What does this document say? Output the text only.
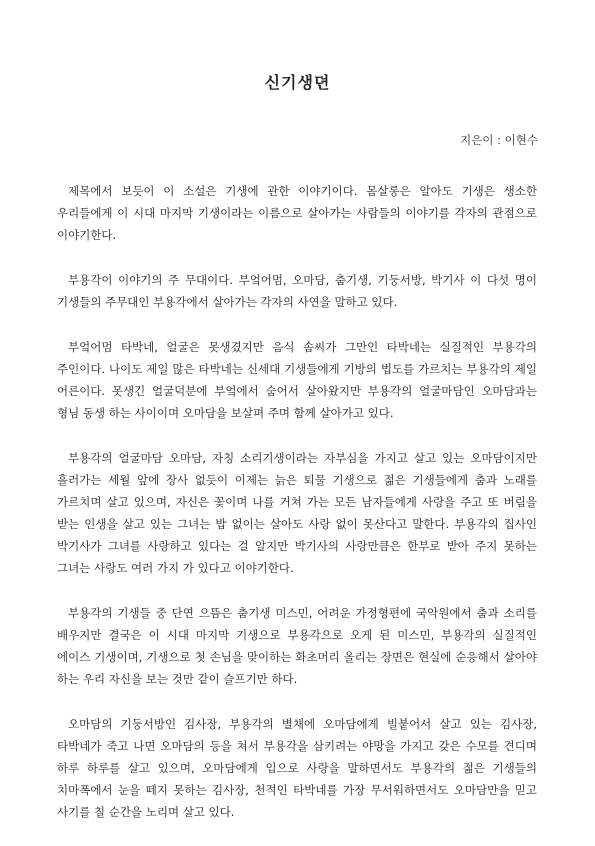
신기생뎐
지은이 : 이현수

제목에서 보듯이 이 소설은 기생에 관한 이야기이다. 몸살롱은 알아도 기생은 생소한 우리들에게 이 시대 마지막 기생이라는 이름으로 살아가는 사람들의 이야기를 각자의 관점으로 이야기한다.

부용각이 이야기의 주 무대이다. 부엌어멈, 오마담, 춤기생, 기둥서방, 박기사 이 다섯 명이 기생들의 주무대인 부용각에서 살아가는 각자의 사연을 말하고 있다.

부엌어멈 타박네, 얼굴은 못생겼지만 음식 솜씨가 그만인 타박네는 실질적인 부용각의 주인이다. 나이도 제일 많은 타박네는 신세대 기생들에게 기방의 법도를 가르치는 부용각의 제일 어른이다. 못생긴 얼굴덕분에 부엌에서 숨어서 살아왔지만 부용각의 얼굴마담인 오마담과는 형님 동생 하는 사이이며 오마담을 보살펴 주며 함께 살아가고 있다.

부용각의 얼굴마담 오마담, 자칭 소리기생이라는 자부심을 가지고 살고 있는 오마담이지만 흘러가는 세월 앞에 장사 없듯이 이제는 늙은 퇴물 기생으로 젊은 기생들에게 춤과 노래를 가르치며 살고 있으며, 자신은 꽃이며 나를 거쳐 가는 모든 남자들에게 사랑을 주고 또 버림을 받는 인생을 살고 있는 그녀는 밥 없이는 살아도 사랑 없이 못산다고 말한다. 부용각의 집사인 박기사가 그녀를 사랑하고 있다는 걸 알지만 박기사의 사랑만큼은 한부로 받아 주지 못하는 그녀는 사랑도 여러 가지 가 있다고 이야기한다.

부용각의 기생들 중 단연 으뜸은 춤기생 미스민, 어려운 가정형편에 국악원에서 춤과 소리를 배우지만 결국은 이 시대 마지막 기생으로 부용각으로 오게 된 미스민, 부용각의 실질적인 에이스 기생이며, 기생으로 첫 손님을 맞이하는 화초머리 올리는 장면은 현실에 순응해서 살아야 하는 우리 자신을 보는 것만 같이 슬프기만 하다.

오마담의 기둥서방인 김사장, 부용각의 별채에 오마담에게 빌붙어서 살고 있는 김사장, 타박네가 죽고 나면 오마담의 등을 쳐서 부용각을 삼키려는 야망을 가지고 갖은 수모를 견디며 하루 하루를 살고 있으며, 오마담에게 입으로 사랑을 말하면서도 부용각의 젊은 기생들의 치마폭에서 눈을 떼지 못하는 김사장, 천적인 타박네를 가장 무서워하면서도 오마담만을 믿고 사기를 칠 순간을 노리며 살고 있다.
